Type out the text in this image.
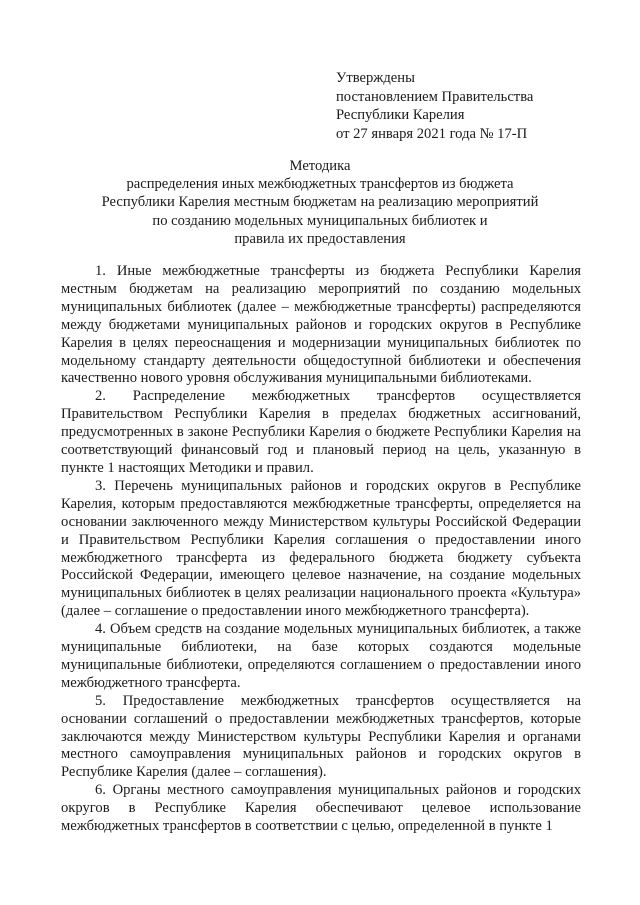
Утверждены
постановлением Правительства
Республики Карелия
от 27 января 2021 года № 17-П
Методика
распределения иных межбюджетных трансфертов из бюджета
Республики Карелия местным бюджетам на реализацию мероприятий
по созданию модельных муниципальных библиотек и
правила их предоставления

1. Иные межбюджетные трансферты из бюджета Республики Карелия местным бюджетам на реализацию мероприятий по созданию модельных муниципальных библиотек (далее – межбюджетные трансферты) распределяются между бюджетами муниципальных районов и городских округов в Республике Карелия в целях переоснащения и модернизации муниципальных библиотек по модельному стандарту деятельности общедоступной библиотеки и обеспечения качественно нового уровня обслуживания муниципальными библиотеками.

2. Распределение межбюджетных трансфертов осуществляется Правительством Республики Карелия в пределах бюджетных ассигнований, предусмотренных в законе Республики Карелия о бюджете Республики Карелия на соответствующий финансовый год и плановый период на цель, указанную в пункте 1 настоящих Методики и правил.

3. Перечень муниципальных районов и городских округов в Республике Карелия, которым предоставляются межбюджетные трансферты, определяется на основании заключенного между Министерством культуры Российской Федерации и Правительством Республики Карелия соглашения о предоставлении иного межбюджетного трансферта из федерального бюджета бюджету субъекта Российской Федерации, имеющего целевое назначение, на создание модельных муниципальных библиотек в целях реализации национального проекта «Культура» (далее – соглашение о предоставлении иного межбюджетного трансферта).

4. Объем средств на создание модельных муниципальных библиотек, а также муниципальные библиотеки, на базе которых создаются модельные муниципальные библиотеки, определяются соглашением о предоставлении иного межбюджетного трансферта.

5. Предоставление межбюджетных трансфертов осуществляется на основании соглашений о предоставлении межбюджетных трансфертов, которые заключаются между Министерством культуры Республики Карелия и органами местного самоуправления муниципальных районов и городских округов в Республике Карелия (далее – соглашения).

6. Органы местного самоуправления муниципальных районов и городских округов в Республике Карелия обеспечивают целевое использование межбюджетных трансфертов в соответствии с целью, определенной в пункте 1
